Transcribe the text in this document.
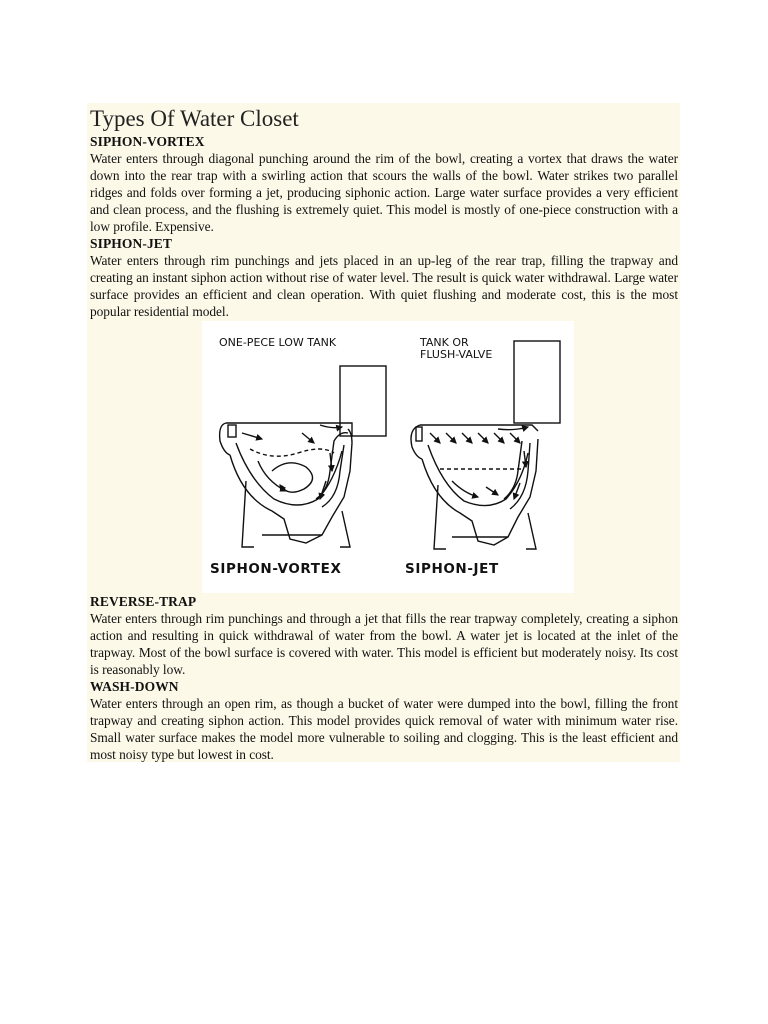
Types Of Water Closet

SIPHON-VORTEX

Water enters through diagonal punching around the rim of the bowl, creating a vortex that draws the water down into the rear trap with a swirling action that scours the walls of the bowl. Water strikes two parallel ridges and folds over forming a jet, producing siphonic action. Large water surface provides a very efficient and clean process, and the flushing is extremely quiet. This model is mostly of one-piece construction with a low profile. Expensive.

SIPHON-JET

Water enters through rim punchings and jets placed in an up-leg of the rear trap, filling the trapway and creating an instant siphon action without rise of water level. The result is quick water withdrawal. Large water surface provides an efficient and clean operation. With quiet flushing and moderate cost, this is the most popular residential model.

ONE-PECE LOW TANK	TANK OR
FLUSH-VALVE
SIPHON-VORTEX	SIPHON-JET

REVERSE-TRAP

Water enters through rim punchings and through a jet that fills the rear trapway completely, creating a siphon action and resulting in quick withdrawal of water from the bowl. A water jet is located at the inlet of the trapway. Most of the bowl surface is covered with water. This model is efficient but moderately noisy. Its cost is reasonably low.

WASH-DOWN

Water enters through an open rim, as though a bucket of water were dumped into the bowl, filling the front trapway and creating siphon action. This model provides quick removal of water with minimum water rise. Small water surface makes the model more vulnerable to soiling and clogging. This is the least efficient and most noisy type but lowest in cost.
